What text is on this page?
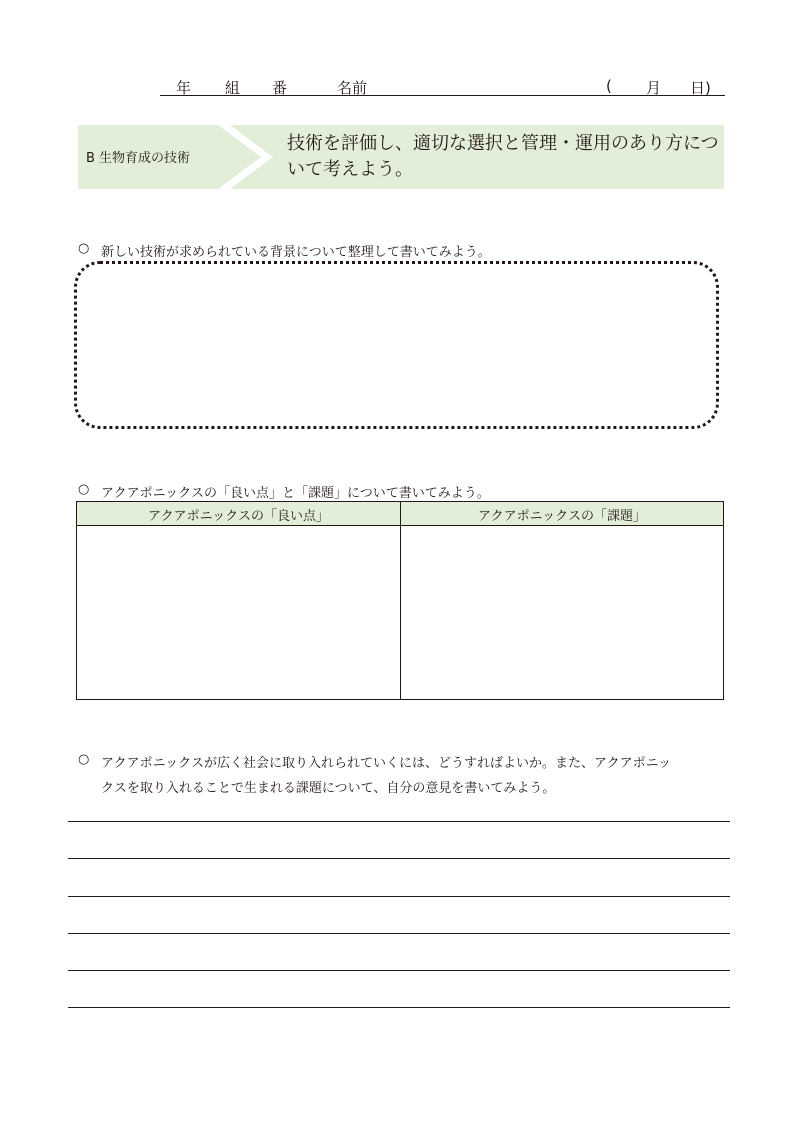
年 組 番	名前	( 月 日)
B 生物育成の技術
技術を評価し、適切な選択と管理・運用のあり方について考えよう。
○ 新しい技術が求められている背景について整理して書いてみよう。
○ アクアポニックスの「良い点」と「課題」について書いてみよう。
アクアポニックスの「良い点」	アクアポニックスの「課題」
○ アクアポニックスが広く社会に取り入れられていくには、どうすればよいか。また、アクアポニッ
クスを取り入れることで生まれる課題について、自分の意見を書いてみよう。
